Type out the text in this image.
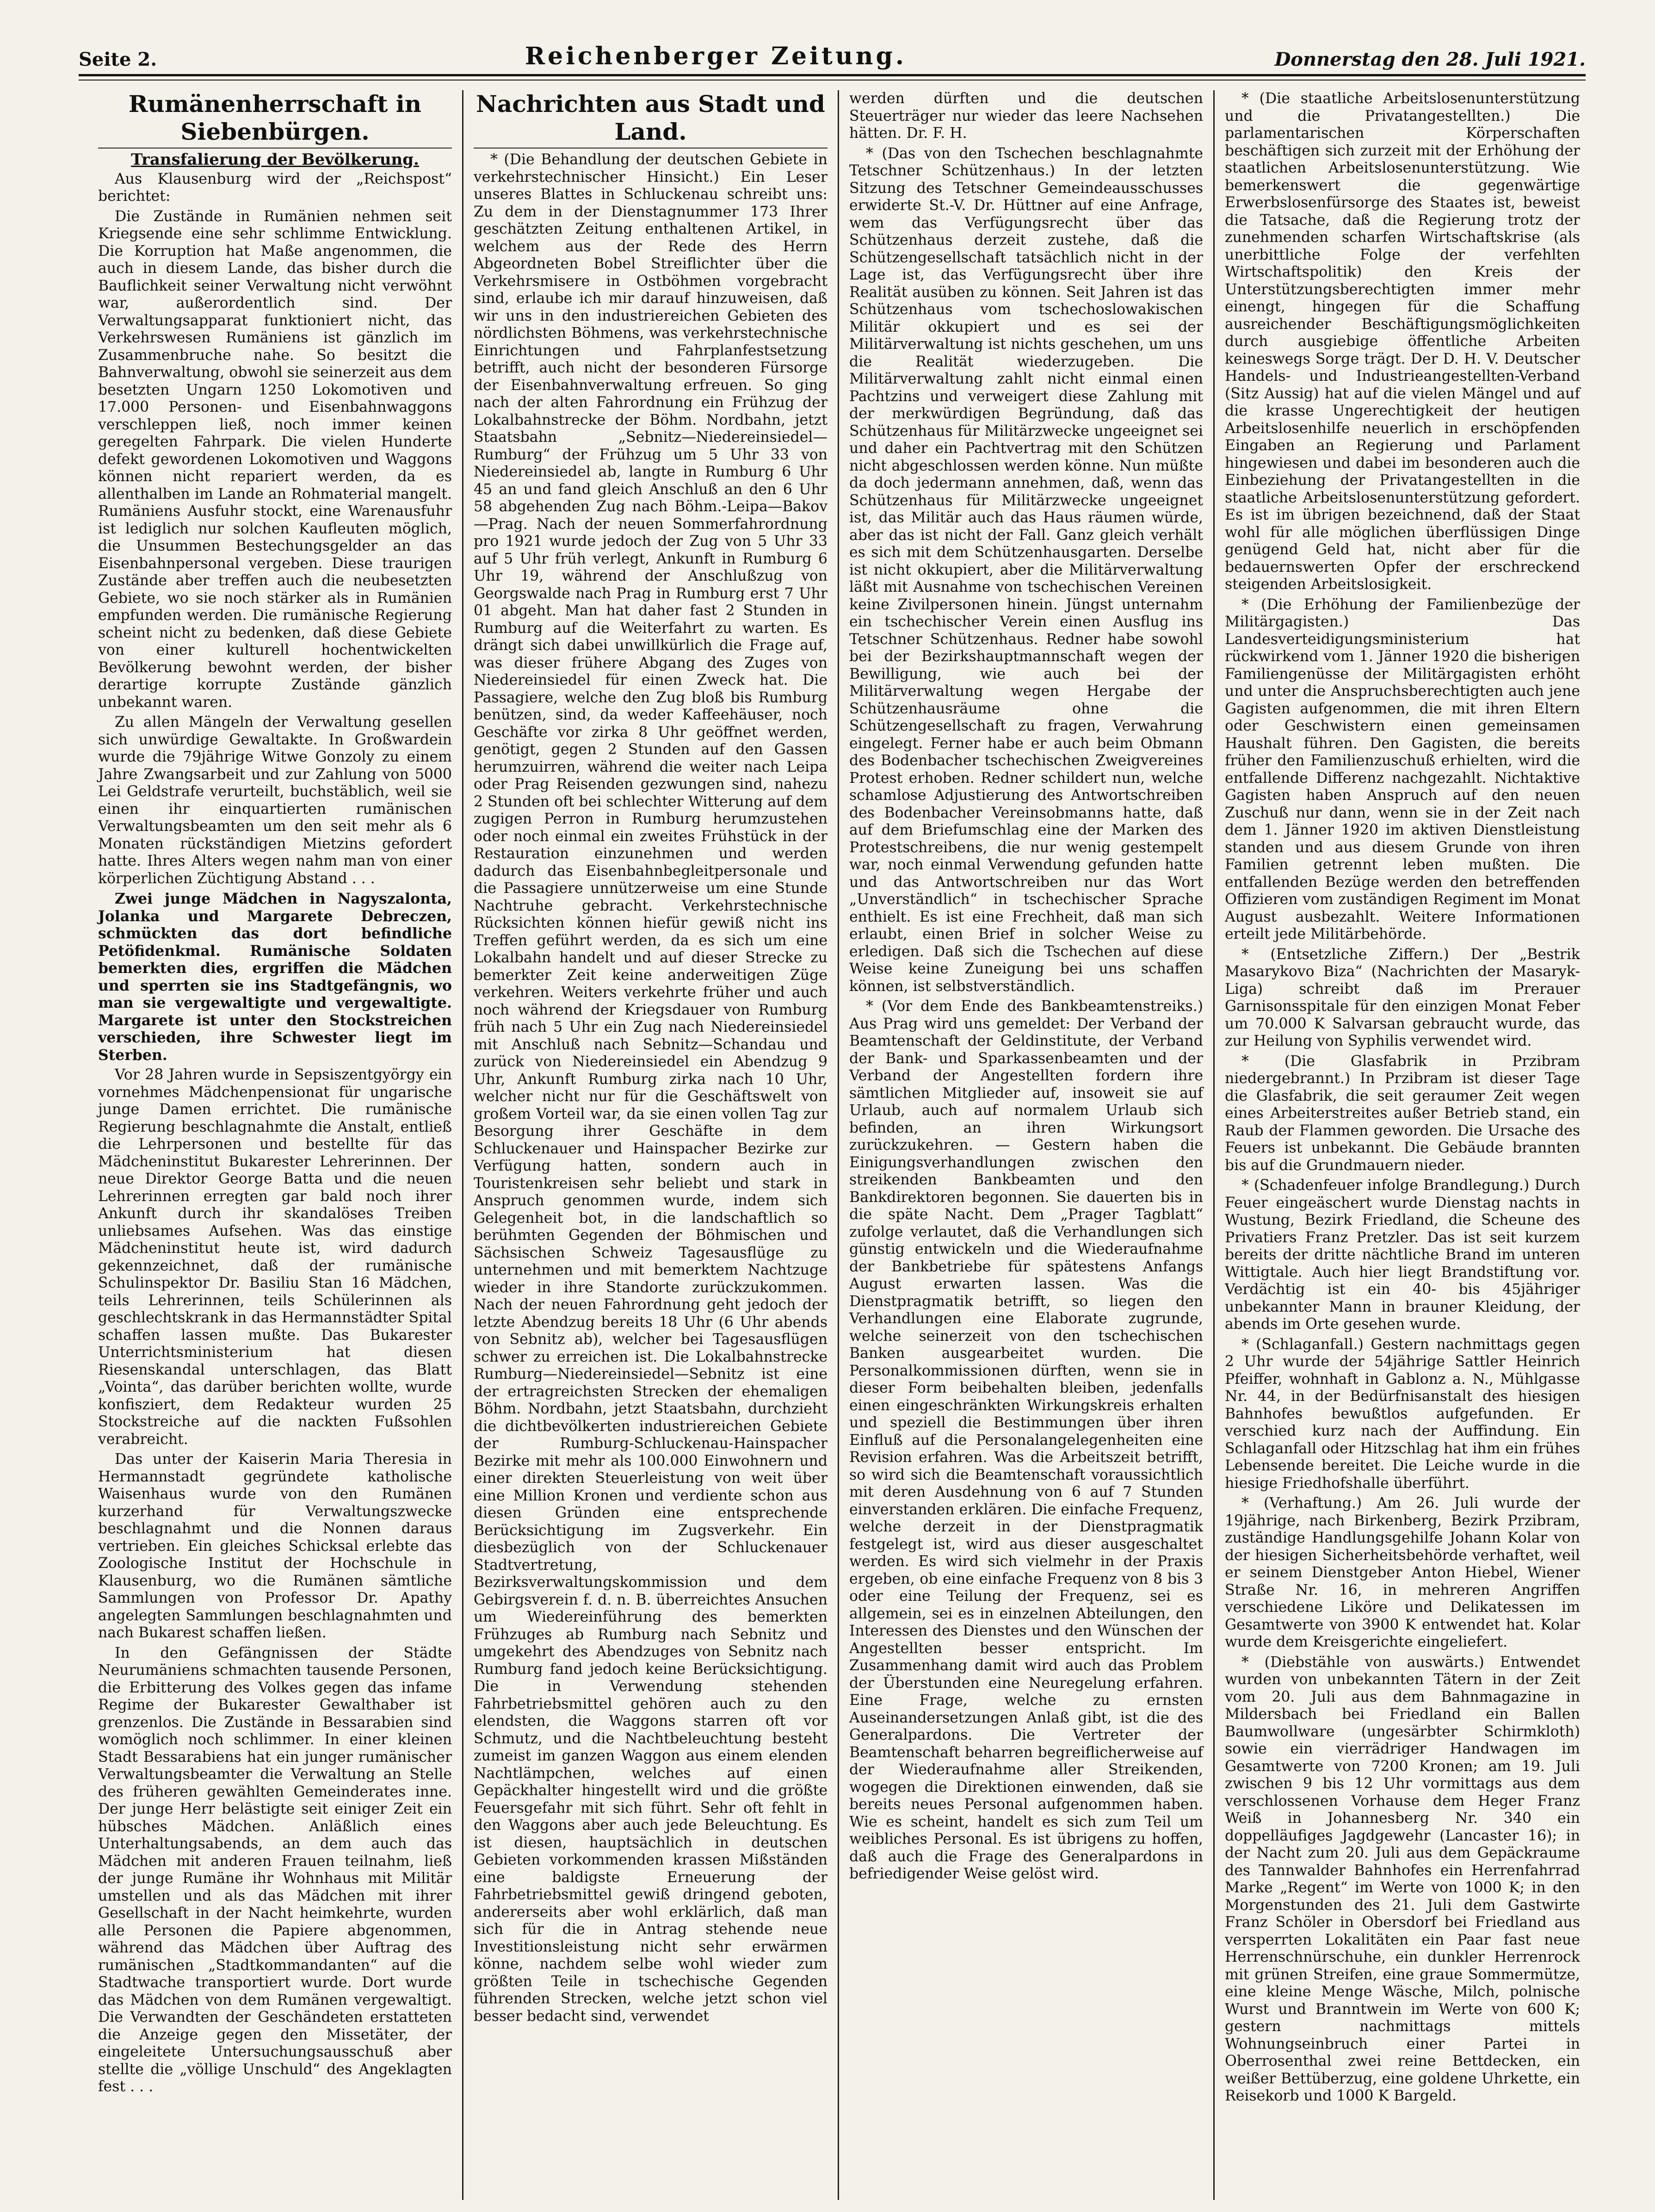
Seite 2.	Reichenberger Zeitung.	Donnerstag den 28. Juli 1921.
Rumänenherrschaft in Siebenbürgen.
Transfalierung der Bevölkerung.

Aus Klausenburg wird der „Reichspost“ berichtet:

Die Zustände in Rumänien nehmen seit Kriegsende eine sehr schlimme Entwicklung. Die Korruption hat Maße angenommen, die auch in diesem Lande, das bisher durch die Bauflichkeit seiner Verwaltung nicht verwöhnt war, außerordentlich sind. Der Verwaltungsapparat funktioniert nicht, das Verkehrswesen Rumäniens ist gänzlich im Zusammenbruche nahe. So besitzt die Bahnverwaltung, obwohl sie seinerzeit aus dem besetzten Ungarn 1250 Lokomotiven und 17.000 Personen- und Eisenbahnwaggons verschleppen ließ, noch immer keinen geregelten Fahrpark. Die vielen Hunderte defekt gewordenen Lokomotiven und Waggons können nicht repariert werden, da es allenthalben im Lande an Rohmaterial mangelt. Rumäniens Ausfuhr stockt, eine Warenausfuhr ist lediglich nur solchen Kaufleuten möglich, die Unsummen Bestechungsgelder an das Eisenbahnpersonal vergeben. Diese traurigen Zustände aber treffen auch die neubesetzten Gebiete, wo sie noch stärker als in Rumänien empfunden werden. Die rumänische Regierung scheint nicht zu bedenken, daß diese Gebiete von einer kulturell hochentwickelten Bevölkerung bewohnt werden, der bisher derartige korrupte Zustände gänzlich unbekannt waren.

Zu allen Mängeln der Verwaltung gesellen sich unwürdige Gewaltakte. In Großwardein wurde die 79jährige Witwe Gonzoly zu einem Jahre Zwangsarbeit und zur Zahlung von 5000 Lei Geldstrafe verurteilt, buchstäblich, weil sie einen ihr einquartierten rumänischen Verwaltungsbeamten um den seit mehr als 6 Monaten rückständigen Mietzins gefordert hatte. Ihres Alters wegen nahm man von einer körperlichen Züchtigung Abstand . . .

Zwei junge Mädchen in Nagyszalonta, Jolanka und Margarete Debreczen, schmückten das dort befindliche Petöfidenkmal. Rumänische Soldaten bemerkten dies, ergriffen die Mädchen und sperrten sie ins Stadtgefängnis, wo man sie vergewaltigte und vergewaltigte. Margarete ist unter den Stockstreichen verschieden, ihre Schwester liegt im Sterben.

Vor 28 Jahren wurde in Sepsiszentgyörgy ein vornehmes Mädchenpensionat für ungarische junge Damen errichtet. Die rumänische Regierung beschlagnahmte die Anstalt, entließ die Lehrpersonen und bestellte für das Mädcheninstitut Bukarester Lehrerinnen. Der neue Direktor George Batta und die neuen Lehrerinnen erregten gar bald noch ihrer Ankunft durch ihr skandalöses Treiben unliebsames Aufsehen. Was das einstige Mädcheninstitut heute ist, wird dadurch gekennzeichnet, daß der rumänische Schulinspektor Dr. Basiliu Stan 16 Mädchen, teils Lehrerinnen, teils Schülerinnen als geschlechtskrank in das Hermannstädter Spital schaffen lassen mußte. Das Bukarester Unterrichtsministerium hat diesen Riesenskandal unterschlagen, das Blatt „Vointa“, das darüber berichten wollte, wurde konfisziert, dem Redakteur wurden 25 Stockstreiche auf die nackten Fußsohlen verabreicht.

Das unter der Kaiserin Maria Theresia in Hermannstadt gegründete katholische Waisenhaus wurde von den Rumänen kurzerhand für Verwaltungszwecke beschlagnahmt und die Nonnen daraus vertrieben. Ein gleiches Schicksal erlebte das Zoologische Institut der Hochschule in Klausenburg, wo die Rumänen sämtliche Sammlungen von Professor Dr. Apathy angelegten Sammlungen beschlagnahmten und nach Bukarest schaffen ließen.

In den Gefängnissen der Städte Neurumäniens schmachten tausende Personen, die Erbitterung des Volkes gegen das infame Regime der Bukarester Gewalthaber ist grenzenlos. Die Zustände in Bessarabien sind womöglich noch schlimmer. In einer kleinen Stadt Bessarabiens hat ein junger rumänischer Verwaltungsbeamter die Verwaltung an Stelle des früheren gewählten Gemeinderates inne. Der junge Herr belästigte seit einiger Zeit ein hübsches Mädchen. Anläßlich eines Unterhaltungsabends, an dem auch das Mädchen mit anderen Frauen teilnahm, ließ der junge Rumäne ihr Wohnhaus mit Militär umstellen und als das Mädchen mit ihrer Gesellschaft in der Nacht heimkehrte, wurden alle Personen die Papiere abgenommen, während das Mädchen über Auftrag des rumänischen „Stadtkommandanten“ auf die Stadtwache transportiert wurde. Dort wurde das Mädchen von dem Rumänen vergewaltigt. Die Verwandten der Geschändeten erstatteten die Anzeige gegen den Missetäter, der eingeleitete Untersuchungsausschuß aber stellte die „völlige Unschuld“ des Angeklagten fest . . .

Nachrichten aus Stadt und Land.

* (Die Behandlung der deutschen Gebiete in verkehrstechnischer Hinsicht.) Ein Leser unseres Blattes in Schluckenau schreibt uns: Zu dem in der Dienstagnummer 173 Ihrer geschätzten Zeitung enthaltenen Artikel, in welchem aus der Rede des Herrn Abgeordneten Bobel Streiflichter über die Verkehrsmisere in Ostböhmen vorgebracht sind, erlaube ich mir darauf hinzuweisen, daß wir uns in den industriereichen Gebieten des nördlichsten Böhmens, was verkehrstechnische Einrichtungen und Fahrplanfestsetzung betrifft, auch nicht der besonderen Fürsorge der Eisenbahnverwaltung erfreuen. So ging nach der alten Fahrordnung ein Frühzug der Lokalbahnstrecke der Böhm. Nordbahn, jetzt Staatsbahn „Sebnitz—Niedereinsiedel—Rumburg“ der Frühzug um 5 Uhr 33 von Niedereinsiedel ab, langte in Rumburg 6 Uhr 45 an und fand gleich Anschluß an den 6 Uhr 58 abgehenden Zug nach Böhm.-Leipa—Bakov—Prag. Nach der neuen Sommerfahrordnung pro 1921 wurde jedoch der Zug von 5 Uhr 33 auf 5 Uhr früh verlegt, Ankunft in Rumburg 6 Uhr 19, während der Anschlußzug von Georgswalde nach Prag in Rumburg erst 7 Uhr 01 abgeht. Man hat daher fast 2 Stunden in Rumburg auf die Weiterfahrt zu warten. Es drängt sich dabei unwillkürlich die Frage auf, was dieser frühere Abgang des Zuges von Niedereinsiedel für einen Zweck hat. Die Passagiere, welche den Zug bloß bis Rumburg benützen, sind, da weder Kaffeehäuser, noch Geschäfte vor zirka 8 Uhr geöffnet werden, genötigt, gegen 2 Stunden auf den Gassen herumzuirren, während die weiter nach Leipa oder Prag Reisenden gezwungen sind, nahezu 2 Stunden oft bei schlechter Witterung auf dem zugigen Perron in Rumburg herumzustehen oder noch einmal ein zweites Frühstück in der Restauration einzunehmen und werden dadurch das Eisenbahnbegleitpersonale und die Passagiere unnützerweise um eine Stunde Nachtruhe gebracht. Verkehrstechnische Rücksichten können hiefür gewiß nicht ins Treffen geführt werden, da es sich um eine Lokalbahn handelt und auf dieser Strecke zu bemerkter Zeit keine anderweitigen Züge verkehren. Weiters verkehrte früher und auch noch während der Kriegsdauer von Rumburg früh nach 5 Uhr ein Zug nach Niedereinsiedel mit Anschluß nach Sebnitz—Schandau und zurück von Niedereinsiedel ein Abendzug 9 Uhr, Ankunft Rumburg zirka nach 10 Uhr, welcher nicht nur für die Geschäftswelt von großem Vorteil war, da sie einen vollen Tag zur Besorgung ihrer Geschäfte in dem Schluckenauer und Hainspacher Bezirke zur Verfügung hatten, sondern auch in Touristenkreisen sehr beliebt und stark in Anspruch genommen wurde, indem sich Gelegenheit bot, in die landschaftlich so berühmten Gegenden der Böhmischen und Sächsischen Schweiz Tagesausflüge zu unternehmen und mit bemerktem Nachtzuge wieder in ihre Standorte zurückzukommen. Nach der neuen Fahrordnung geht jedoch der letzte Abendzug bereits 18 Uhr (6 Uhr abends von Sebnitz ab), welcher bei Tagesausflügen schwer zu erreichen ist. Die Lokalbahnstrecke Rumburg—Niedereinsiedel—Sebnitz ist eine der ertragreichsten Strecken der ehemaligen Böhm. Nordbahn, jetzt Staatsbahn, durchzieht die dichtbevölkerten industriereichen Gebiete der Rumburg-Schluckenau-Hainspacher Bezirke mit mehr als 100.000 Einwohnern und einer direkten Steuerleistung von weit über eine Million Kronen und verdiente schon aus diesen Gründen eine entsprechende Berücksichtigung im Zugsverkehr. Ein diesbezüglich von der Schluckenauer Stadtvertretung, Bezirksverwaltungskommission und dem Gebirgsverein f. d. n. B. überreichtes Ansuchen um Wiedereinführung des bemerkten Frühzuges ab Rumburg nach Sebnitz und umgekehrt des Abendzuges von Sebnitz nach Rumburg fand jedoch keine Berücksichtigung. Die in Verwendung stehenden Fahrbetriebsmittel gehören auch zu den elendsten, die Waggons starren oft vor Schmutz, und die Nachtbeleuchtung besteht zumeist im ganzen Waggon aus einem elenden Nachtlämpchen, welches auf einen Gepäckhalter hingestellt wird und die größte Feuersgefahr mit sich führt. Sehr oft fehlt in den Waggons aber auch jede Beleuchtung. Es ist diesen, hauptsächlich in deutschen Gebieten vorkommenden krassen Mißständen eine baldigste Erneuerung der Fahrbetriebsmittel gewiß dringend geboten, andererseits aber wohl erklärlich, daß man sich für die in Antrag stehende neue Investitionsleistung nicht sehr erwärmen könne, nachdem selbe wohl wieder zum größten Teile in tschechische Gegenden führenden Strecken, welche jetzt schon viel besser bedacht sind, verwendet

werden dürften und die deutschen Steuerträger nur wieder das leere Nachsehen hätten. Dr. F. H.

* (Das von den Tschechen beschlagnahmte Tetschner Schützenhaus.) In der letzten Sitzung des Tetschner Gemeindeausschusses erwiderte St.-V. Dr. Hüttner auf eine Anfrage, wem das Verfügungsrecht über das Schützenhaus derzeit zustehe, daß die Schützengesellschaft tatsächlich nicht in der Lage ist, das Verfügungsrecht über ihre Realität ausüben zu können. Seit Jahren ist das Schützenhaus vom tschechoslowakischen Militär okkupiert und es sei der Militärverwaltung ist nichts geschehen, um uns die Realität wiederzugeben. Die Militärverwaltung zahlt nicht einmal einen Pachtzins und verweigert diese Zahlung mit der merkwürdigen Begründung, daß das Schützenhaus für Militärzwecke ungeeignet sei und daher ein Pachtvertrag mit den Schützen nicht abgeschlossen werden könne. Nun müßte da doch jedermann annehmen, daß, wenn das Schützenhaus für Militärzwecke ungeeignet ist, das Militär auch das Haus räumen würde, aber das ist nicht der Fall. Ganz gleich verhält es sich mit dem Schützenhausgarten. Derselbe ist nicht okkupiert, aber die Militärverwaltung läßt mit Ausnahme von tschechischen Vereinen keine Zivilpersonen hinein. Jüngst unternahm ein tschechischer Verein einen Ausflug ins Tetschner Schützenhaus. Redner habe sowohl bei der Bezirkshauptmannschaft wegen der Bewilligung, wie auch bei der Militärverwaltung wegen Hergabe der Schützenhausräume ohne die Schützengesellschaft zu fragen, Verwahrung eingelegt. Ferner habe er auch beim Obmann des Bodenbacher tschechischen Zweigvereines Protest erhoben. Redner schildert nun, welche schamlose Adjustierung des Antwortschreiben des Bodenbacher Vereinsobmanns hatte, daß auf dem Briefumschlag eine der Marken des Protestschreibens, die nur wenig gestempelt war, noch einmal Verwendung gefunden hatte und das Antwortschreiben nur das Wort „Unverständlich“ in tschechischer Sprache enthielt. Es ist eine Frechheit, daß man sich erlaubt, einen Brief in solcher Weise zu erledigen. Daß sich die Tschechen auf diese Weise keine Zuneigung bei uns schaffen können, ist selbstverständlich.

* (Vor dem Ende des Bankbeamtenstreiks.) Aus Prag wird uns gemeldet: Der Verband der Beamtenschaft der Geldinstitute, der Verband der Bank- und Sparkassenbeamten und der Verband der Angestellten fordern ihre sämtlichen Mitglieder auf, insoweit sie auf Urlaub, auch auf normalem Urlaub sich befinden, an ihren Wirkungsort zurückzukehren. — Gestern haben die Einigungsverhandlungen zwischen den streikenden Bankbeamten und den Bankdirektoren begonnen. Sie dauerten bis in die späte Nacht. Dem „Prager Tagblatt“ zufolge verlautet, daß die Verhandlungen sich günstig entwickeln und die Wiederaufnahme der Bankbetriebe für spätestens Anfangs August erwarten lassen. Was die Dienstpragmatik betrifft, so liegen den Verhandlungen eine Elaborate zugrunde, welche seinerzeit von den tschechischen Banken ausgearbeitet wurden. Die Personalkommissionen dürften, wenn sie in dieser Form beibehalten bleiben, jedenfalls einen eingeschränkten Wirkungskreis erhalten und speziell die Bestimmungen über ihren Einfluß auf die Personalangelegenheiten eine Revision erfahren. Was die Arbeitszeit betrifft, so wird sich die Beamtenschaft voraussichtlich mit deren Ausdehnung von 6 auf 7 Stunden einverstanden erklären. Die einfache Frequenz, welche derzeit in der Dienstpragmatik festgelegt ist, wird aus dieser ausgeschaltet werden. Es wird sich vielmehr in der Praxis ergeben, ob eine einfache Frequenz von 8 bis 3 oder eine Teilung der Frequenz, sei es allgemein, sei es in einzelnen Abteilungen, den Interessen des Dienstes und den Wünschen der Angestellten besser entspricht. Im Zusammenhang damit wird auch das Problem der Überstunden eine Neuregelung erfahren. Eine Frage, welche zu ernsten Auseinandersetzungen Anlaß gibt, ist die des Generalpardons. Die Vertreter der Beamtenschaft beharren begreiflicherweise auf der Wiederaufnahme aller Streikenden, wogegen die Direktionen einwenden, daß sie bereits neues Personal aufgenommen haben. Wie es scheint, handelt es sich zum Teil um weibliches Personal. Es ist übrigens zu hoffen, daß auch die Frage des Generalpardons in befriedigender Weise gelöst wird.

* (Die staatliche Arbeitslosenunterstützung und die Privatangestellten.) Die parlamentarischen Körperschaften beschäftigen sich zurzeit mit der Erhöhung der staatlichen Arbeitslosenunterstützung. Wie bemerkenswert die gegenwärtige Erwerbslosenfürsorge des Staates ist, beweist die Tatsache, daß die Regierung trotz der zunehmenden scharfen Wirtschaftskrise (als unerbittliche Folge der verfehlten Wirtschaftspolitik) den Kreis der Unterstützungsberechtigten immer mehr einengt, hingegen für die Schaffung ausreichender Beschäftigungsmöglichkeiten durch ausgiebige öffentliche Arbeiten keineswegs Sorge trägt. Der D. H. V. Deutscher Handels- und Industrieangestellten-Verband (Sitz Aussig) hat auf die vielen Mängel und auf die krasse Ungerechtigkeit der heutigen Arbeitslosenhilfe neuerlich in erschöpfenden Eingaben an Regierung und Parlament hingewiesen und dabei im besonderen auch die Einbeziehung der Privatangestellten in die staatliche Arbeitslosenunterstützung gefordert. Es ist im übrigen bezeichnend, daß der Staat wohl für alle möglichen überflüssigen Dinge genügend Geld hat, nicht aber für die bedauernswerten Opfer der erschreckend steigenden Arbeitslosigkeit.

* (Die Erhöhung der Familienbezüge der Militärgagisten.) Das Landesverteidigungsministerium hat rückwirkend vom 1. Jänner 1920 die bisherigen Familiengenüsse der Militärgagisten erhöht und unter die Anspruchsberechtigten auch jene Gagisten aufgenommen, die mit ihren Eltern oder Geschwistern einen gemeinsamen Haushalt führen. Den Gagisten, die bereits früher den Familienzuschuß erhielten, wird die entfallende Differenz nachgezahlt. Nichtaktive Gagisten haben Anspruch auf den neuen Zuschuß nur dann, wenn sie in der Zeit nach dem 1. Jänner 1920 im aktiven Dienstleistung standen und aus diesem Grunde von ihren Familien getrennt leben mußten. Die entfallenden Bezüge werden den betreffenden Offizieren vom zuständigen Regiment im Monat August ausbezahlt. Weitere Informationen erteilt jede Militärbehörde.

* (Entsetzliche Ziffern.) Der „Bestrik Masarykovo Biza“ (Nachrichten der Masaryk-Liga) schreibt daß im Prerauer Garnisonsspitale für den einzigen Monat Feber um 70.000 K Salvarsan gebraucht wurde, das zur Heilung von Syphilis verwendet wird.

* (Die Glasfabrik in Przibram niedergebrannt.) In Przibram ist dieser Tage die Glasfabrik, die seit geraumer Zeit wegen eines Arbeiterstreites außer Betrieb stand, ein Raub der Flammen geworden. Die Ursache des Feuers ist unbekannt. Die Gebäude brannten bis auf die Grundmauern nieder.

* (Schadenfeuer infolge Brandlegung.) Durch Feuer eingeäschert wurde Dienstag nachts in Wustung, Bezirk Friedland, die Scheune des Privatiers Franz Pretzler. Das ist seit kurzem bereits der dritte nächtliche Brand im unteren Wittigtale. Auch hier liegt Brandstiftung vor. Verdächtig ist ein 40- bis 45jähriger unbekannter Mann in brauner Kleidung, der abends im Orte gesehen wurde.

* (Schlaganfall.) Gestern nachmittags gegen 2 Uhr wurde der 54jährige Sattler Heinrich Pfeiffer, wohnhaft in Gablonz a. N., Mühlgasse Nr. 44, in der Bedürfnisanstalt des hiesigen Bahnhofes bewußtlos aufgefunden. Er verschied kurz nach der Auffindung. Ein Schlaganfall oder Hitzschlag hat ihm ein frühes Lebensende bereitet. Die Leiche wurde in die hiesige Friedhofshalle überführt.

* (Verhaftung.) Am 26. Juli wurde der 19jährige, nach Birkenberg, Bezirk Przibram, zuständige Handlungsgehilfe Johann Kolar von der hiesigen Sicherheitsbehörde verhaftet, weil er seinem Dienstgeber Anton Hiebel, Wiener Straße Nr. 16, in mehreren Angriffen verschiedene Liköre und Delikatessen im Gesamtwerte von 3900 K entwendet hat. Kolar wurde dem Kreisgerichte eingeliefert.

* (Diebstähle von auswärts.) Entwendet wurden von unbekannten Tätern in der Zeit vom 20. Juli aus dem Bahnmagazine in Mildersbach bei Friedland ein Ballen Baumwollware (ungesärbter Schirmkloth) sowie ein vierrädriger Handwagen im Gesamtwerte von 7200 Kronen; am 19. Juli zwischen 9 bis 12 Uhr vormittags aus dem verschlossenen Vorhause dem Heger Franz Weiß in Johannesberg Nr. 340 ein doppelläufiges Jagdgewehr (Lancaster 16); in der Nacht zum 20. Juli aus dem Gepäckraume des Tannwalder Bahnhofes ein Herrenfahrrad Marke „Regent“ im Werte von 1000 K; in den Morgenstunden des 21. Juli dem Gastwirte Franz Schöler in Obersdorf bei Friedland aus versperrten Lokalitäten ein Paar fast neue Herrenschnürschuhe, ein dunkler Herrenrock mit grünen Streifen, eine graue Sommermütze, eine kleine Menge Wäsche, Milch, polnische Wurst und Branntwein im Werte von 600 K; gestern nachmittags mittels Wohnungseinbruch einer Partei in Oberrosenthal zwei reine Bettdecken, ein weißer Bettüberzug, eine goldene Uhrkette, ein Reisekorb und 1000 K Bargeld.
